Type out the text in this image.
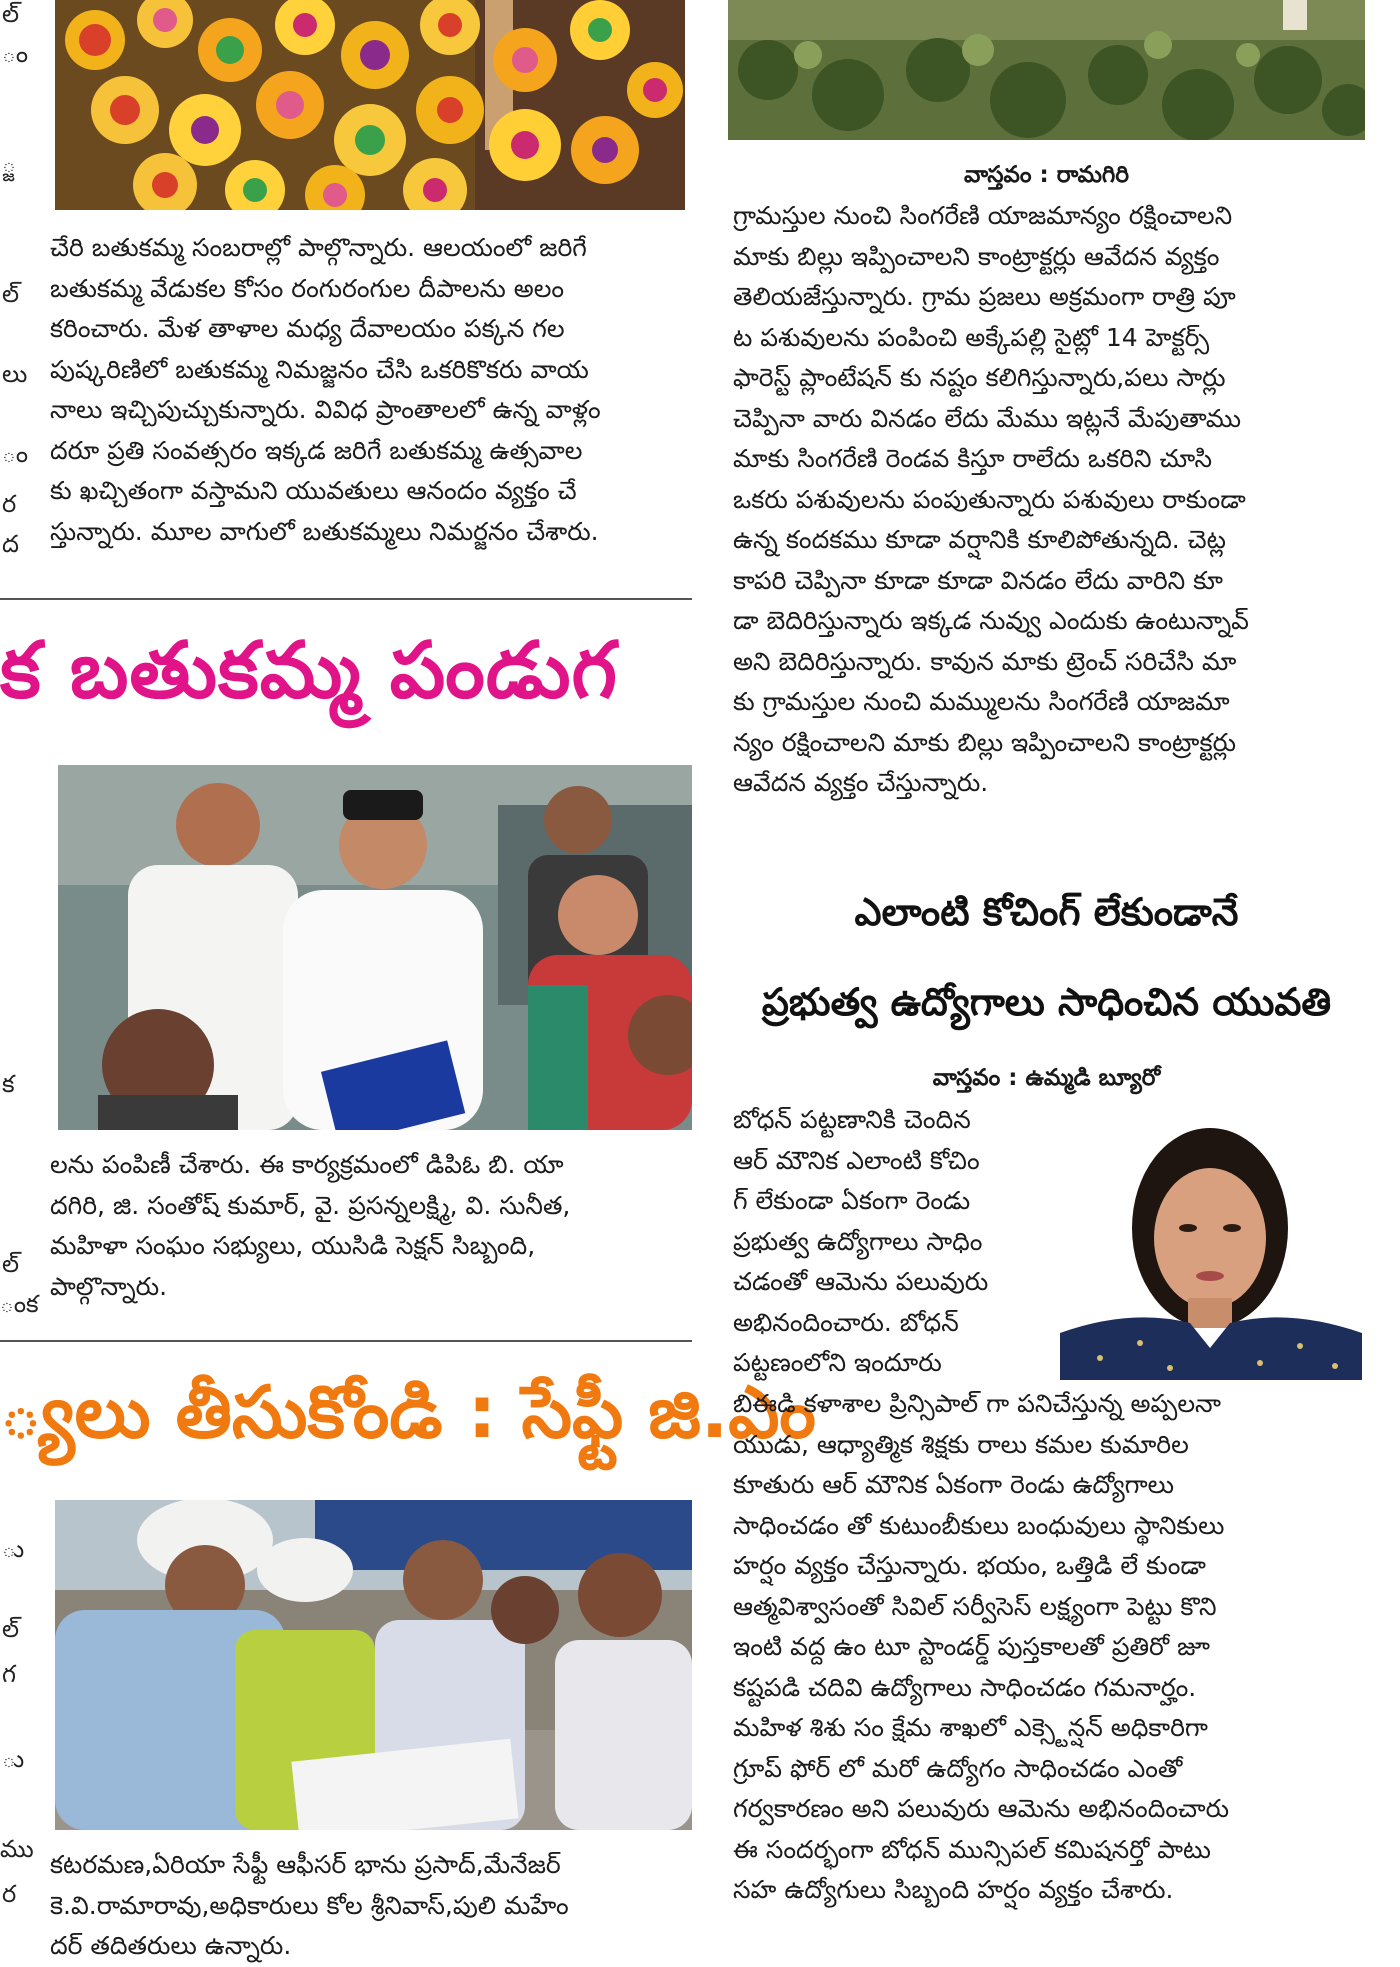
ల్
ం
్జ
ల్
లు
ం
ర
ద
క
ల్
ంక
ు
ల్
గ
ు
ము
ర
చేరి బతుకమ్మ సంబరాల్లో పాల్గొన్నారు. ఆలయంలో జరిగే
బతుకమ్మ వేడుకల కోసం రంగురంగుల దీపాలను అలం
కరించారు. మేళ తాళాల మధ్య దేవాలయం పక్కన గల
పుష్కరిణిలో బతుకమ్మ నిమజ్జనం చేసి ఒకరికొకరు వాయ
నాలు ఇచ్చిపుచ్చుకున్నారు. వివిధ ప్రాంతాలలో ఉన్న వాళ్లం
దరూ ప్రతి సంవత్సరం ఇక్కడ జరిగే బతుకమ్మ ఉత్సవాల
కు ఖచ్చితంగా వస్తామని యువతులు ఆనందం వ్యక్తం చే
స్తున్నారు. మూల వాగులో బతుకమ్మలు నిమర్జనం చేశారు.
క బతుకమ్మ పండుగ
లను పంపిణీ చేశారు. ఈ కార్యక్రమంలో డిపిఓ బి. యా
దగిరి, జి. సంతోష్ కుమార్, వై. ప్రసన్నలక్ష్మి, వి. సునీత,
మహిళా సంఘం సభ్యులు, యుసిడి సెక్షన్ సిబ్బంది,
పాల్గొన్నారు.
్యలు తీసుకోండి : సేఫ్టీ జి.ఎం
కటరమణ,ఏరియా సేఫ్టీ ఆఫీసర్ భాను ప్రసాద్,మేనేజర్
కె.వి.రామారావు,అధికారులు కోల శ్రీనివాస్,పులి మహేం
దర్ తదితరులు ఉన్నారు.
వాస్తవం : రామగిరి
గ్రామస్తుల నుంచి సింగరేణి యాజమాన్యం రక్షించాలని
మాకు బిల్లు ఇప్పించాలని కాంట్రాక్టర్లు ఆవేదన వ్యక్తం
తెలియజేస్తున్నారు. గ్రామ ప్రజలు అక్రమంగా రాత్రి పూ
ట పశువులను పంపించి అక్కేపల్లి సైట్లో 14 హెక్టర్స్
ఫారెస్ట్ ప్లాంటేషన్ కు నష్టం కలిగిస్తున్నారు,పలు సార్లు
చెప్పినా వారు వినడం లేదు మేము ఇట్లనే మేపుతాము
మాకు సింగరేణి రెండవ కిస్తూ రాలేదు ఒకరిని చూసి
ఒకరు పశువులను పంపుతున్నారు పశువులు రాకుండా
ఉన్న కందకము కూడా వర్షానికి కూలిపోతున్నది. చెట్ల
కాపరి చెప్పినా కూడా కూడా వినడం లేదు వారిని కూ
డా బెదిరిస్తున్నారు ఇక్కడ నువ్వు ఎందుకు ఉంటున్నావ్
అని బెదిరిస్తున్నారు. కావున మాకు ట్రెంచ్ సరిచేసి మా
కు గ్రామస్తుల నుంచి మమ్ములను సింగరేణి యాజమా
న్యం రక్షించాలని మాకు బిల్లు ఇప్పించాలని కాంట్రాక్టర్లు
ఆవేదన వ్యక్తం చేస్తున్నారు.
ఎలాంటి కోచింగ్ లేకుండానే
ప్రభుత్వ ఉద్యోగాలు సాధించిన యువతి
వాస్తవం : ఉమ్మడి బ్యూరో
బోధన్ పట్టణానికి చెందిన
ఆర్ మౌనిక ఎలాంటి కోచిం
గ్ లేకుండా ఏకంగా రెండు
ప్రభుత్వ ఉద్యోగాలు సాధిం
చడంతో ఆమెను పలువురు
అభినందించారు. బోధన్
పట్టణంలోని ఇందూరు
బిఈడి కళాశాల ప్రిన్సిపాల్ గా పనిచేస్తున్న అప్పలనా
యుడు, ఆధ్యాత్మిక శిక్షకు రాలు కమల కుమారిల
కూతురు ఆర్ మౌనిక ఏకంగా రెండు ఉద్యోగాలు
సాధించడం తో కుటుంబీకులు బంధువులు స్థానికులు
హర్షం వ్యక్తం చేస్తున్నారు. భయం, ఒత్తిడి లే కుండా
ఆత్మవిశ్వాసంతో సివిల్ సర్వీసెస్ లక్ష్యంగా పెట్టు కొని
ఇంటి వద్ద ఉం టూ స్టాండర్డ్ పుస్తకాలతో ప్రతిరో జూ
కష్టపడి చదివి ఉద్యోగాలు సాధించడం గమనార్హం.
మహిళ శిశు సం క్షేమ శాఖలో ఎక్స్టెన్షన్ అధికారిగా
గ్రూప్ ఫోర్ లో మరో ఉద్యోగం సాధించడం ఎంతో
గర్వకారణం అని పలువురు ఆమెను అభినందించారు
ఈ సందర్భంగా బోధన్ మున్సిపల్ కమిషనర్తో పాటు
సహ ఉద్యోగులు సిబ్బంది హర్షం వ్యక్తం చేశారు.
